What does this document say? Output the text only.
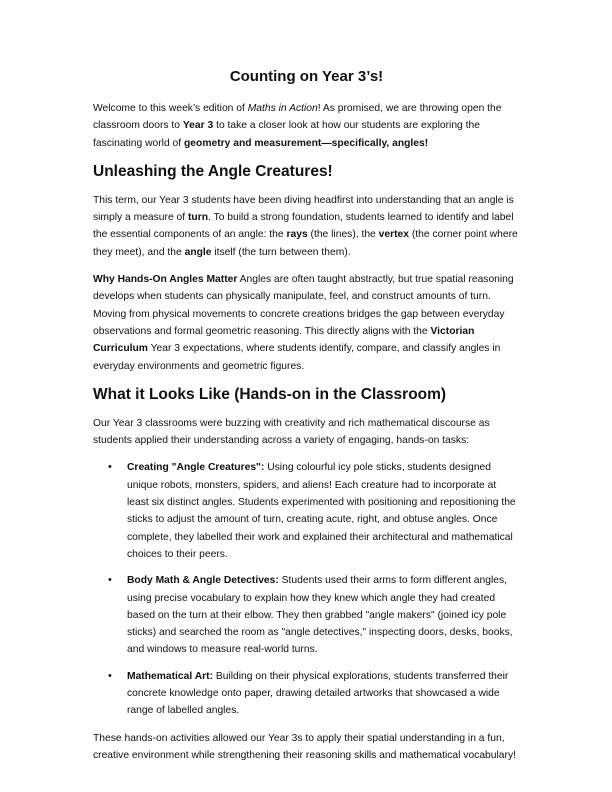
Counting on Year 3’s!

Welcome to this week’s edition of Maths in Action! As promised, we are throwing open the classroom doors to Year 3 to take a closer look at how our students are exploring the fascinating world of geometry and measurement—specifically, angles!

Unleashing the Angle Creatures!

This term, our Year 3 students have been diving headfirst into understanding that an angle is simply a measure of turn. To build a strong foundation, students learned to identify and label the essential components of an angle: the rays (the lines), the vertex (the corner point where they meet), and the angle itself (the turn between them).

Why Hands-On Angles Matter Angles are often taught abstractly, but true spatial reasoning develops when students can physically manipulate, feel, and construct amounts of turn. Moving from physical movements to concrete creations bridges the gap between everyday observations and formal geometric reasoning. This directly aligns with the Victorian Curriculum Year 3 expectations, where students identify, compare, and classify angles in everyday environments and geometric figures.

What it Looks Like (Hands-on in the Classroom)

Our Year 3 classrooms were buzzing with creativity and rich mathematical discourse as students applied their understanding across a variety of engaging, hands-on tasks:

• Creating "Angle Creatures": Using colourful icy pole sticks, students designed unique robots, monsters, spiders, and aliens! Each creature had to incorporate at least six distinct angles. Students experimented with positioning and repositioning the sticks to adjust the amount of turn, creating acute, right, and obtuse angles. Once complete, they labelled their work and explained their architectural and mathematical choices to their peers.
• Body Math & Angle Detectives: Students used their arms to form different angles, using precise vocabulary to explain how they knew which angle they had created based on the turn at their elbow. They then grabbed "angle makers" (joined icy pole sticks) and searched the room as "angle detectives," inspecting doors, desks, books, and windows to measure real-world turns.
• Mathematical Art: Building on their physical explorations, students transferred their concrete knowledge onto paper, drawing detailed artworks that showcased a wide range of labelled angles.

These hands-on activities allowed our Year 3s to apply their spatial understanding in a fun, creative environment while strengthening their reasoning skills and mathematical vocabulary!
